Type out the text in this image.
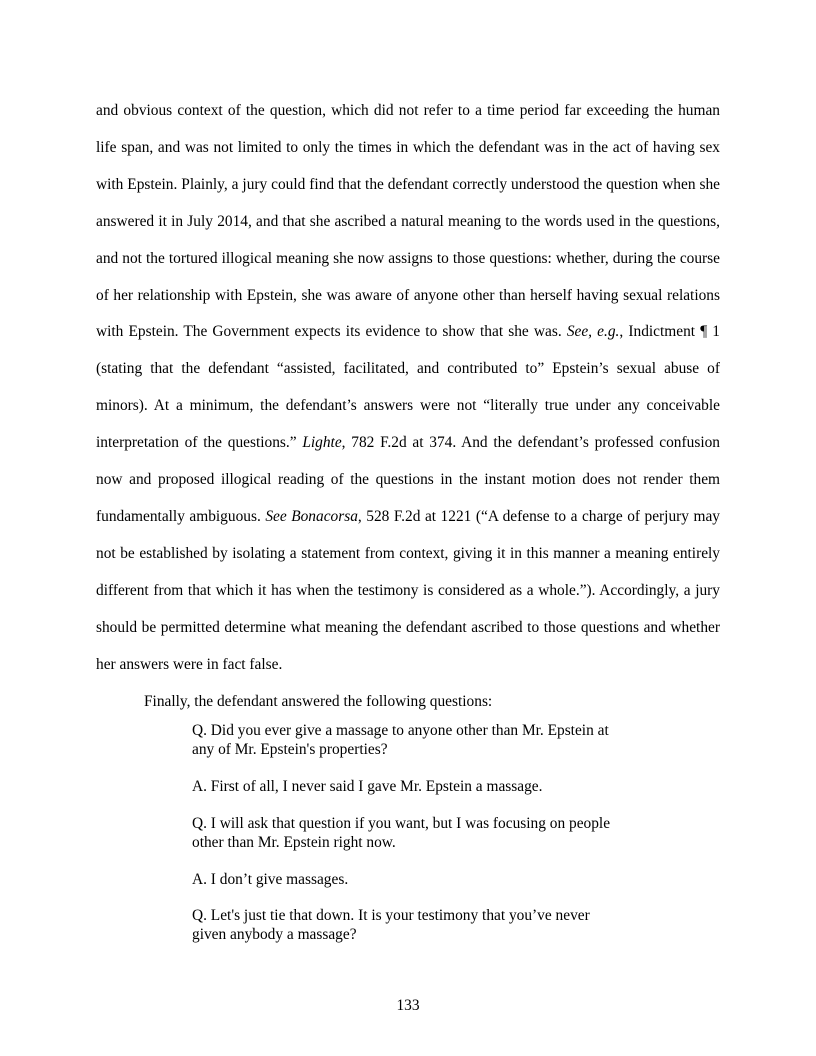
and obvious context of the question, which did not refer to a time period far exceeding the human life span, and was not limited to only the times in which the defendant was in the act of having sex with Epstein. Plainly, a jury could find that the defendant correctly understood the question when she answered it in July 2014, and that she ascribed a natural meaning to the words used in the questions, and not the tortured illogical meaning she now assigns to those questions: whether, during the course of her relationship with Epstein, she was aware of anyone other than herself having sexual relations with Epstein. The Government expects its evidence to show that she was. See, e.g., Indictment ¶ 1 (stating that the defendant “assisted, facilitated, and contributed to” Epstein’s sexual abuse of minors). At a minimum, the defendant’s answers were not “literally true under any conceivable interpretation of the questions.” Lighte, 782 F.2d at 374. And the defendant’s professed confusion now and proposed illogical reading of the questions in the instant motion does not render them fundamentally ambiguous. See Bonacorsa, 528 F.2d at 1221 (“A defense to a charge of perjury may not be established by isolating a statement from context, giving it in this manner a meaning entirely different from that which it has when the testimony is considered as a whole.”). Accordingly, a jury should be permitted determine what meaning the defendant ascribed to those questions and whether her answers were in fact false.

Finally, the defendant answered the following questions:

Q. Did you ever give a massage to anyone other than Mr. Epstein at any of Mr. Epstein's properties?

A. First of all, I never said I gave Mr. Epstein a massage.

Q. I will ask that question if you want, but I was focusing on people other than Mr. Epstein right now.

A. I don’t give massages.

Q. Let's just tie that down. It is your testimony that you’ve never given anybody a massage?

133
